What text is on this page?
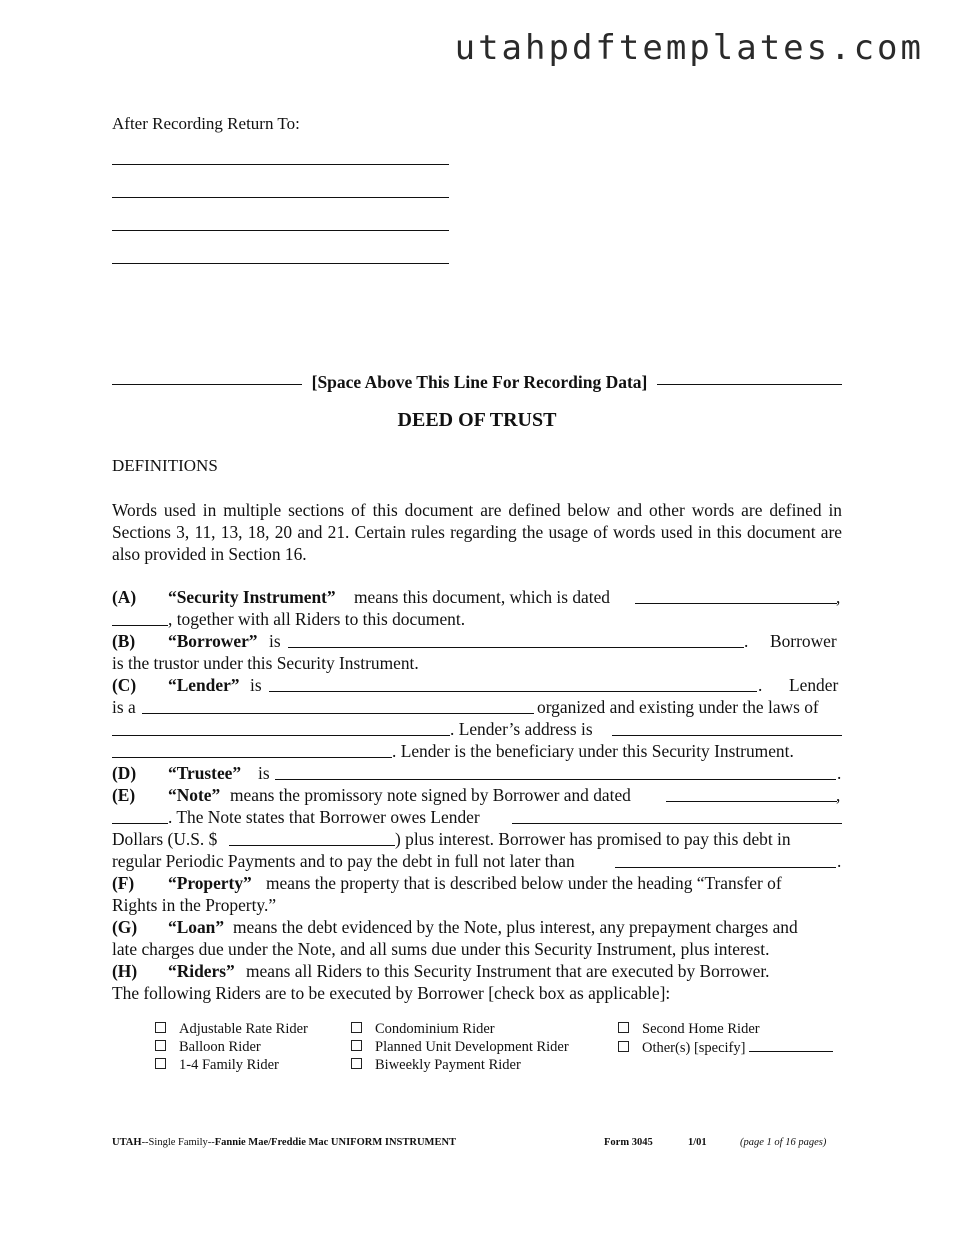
utahpdftemplates.com
After Recording Return To:
[Space Above This Line For Recording Data]
DEED OF TRUST
DEFINITIONS
Words used in multiple sections of this document are defined below and other words are defined in Sections 3, 11, 13, 18, 20 and 21. Certain rules regarding the usage of words used in this document are also provided in Section 16.
(A) “Security Instrument” means this document, which is dated	,
, together with all Riders to this document.
(B) “Borrower” is	. Borrower
is the trustor under this Security Instrument.
(C) “Lender” is	. Lender
is a	organized and existing under the laws of
. Lender’s address is
. Lender is the beneficiary under this Security Instrument.
(D) “Trustee” is	.
(E) “Note” means the promissory note signed by Borrower and dated	,
. The Note states that Borrower owes Lender
Dollars (U.S. $	) plus interest. Borrower has promised to pay this debt in
regular Periodic Payments and to pay the debt in full not later than	.
(F) “Property” means the property that is described below under the heading “Transfer of
Rights in the Property.”
(G) “Loan” means the debt evidenced by the Note, plus interest, any prepayment charges and
late charges due under the Note, and all sums due under this Security Instrument, plus interest.
(H) “Riders” means all Riders to this Security Instrument that are executed by Borrower.
The following Riders are to be executed by Borrower [check box as applicable]:
Adjustable Rate Rider
Balloon Rider
1-4 Family Rider
Condominium Rider
Planned Unit Development Rider
Biweekly Payment Rider
Second Home Rider
Other(s) [specify]
UTAH--Single Family--Fannie Mae/Freddie Mac UNIFORM INSTRUMENT	Form 3045	1/01	(page 1 of 16 pages)
